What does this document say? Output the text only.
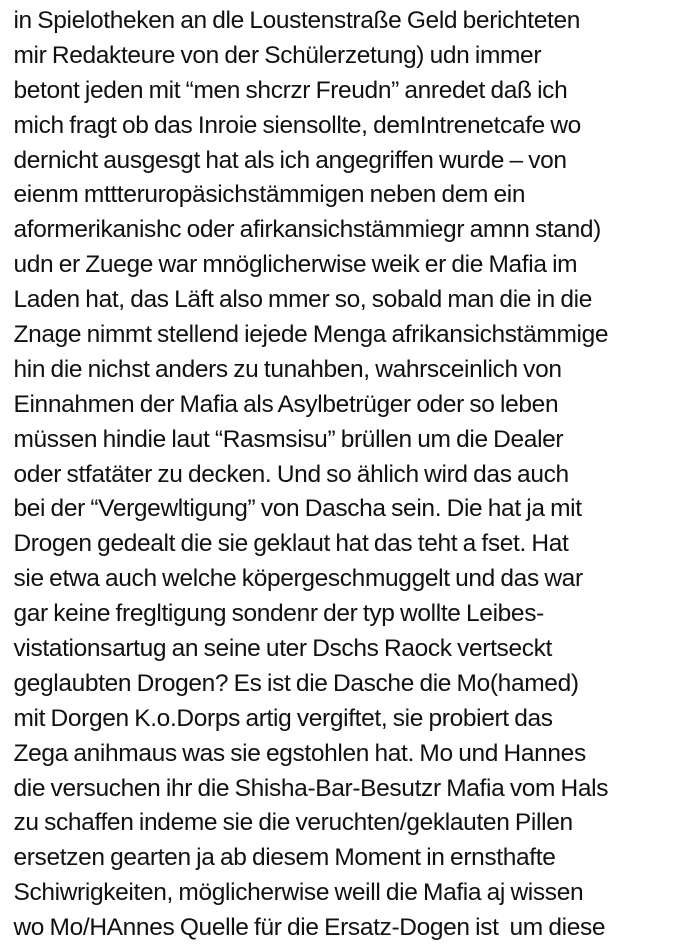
in Spielotheken an dle Loustenstraße Geld berichteten
mir Redakteure von der Schülerzetung) udn immer
betont jeden mit “men shcrzr Freudn” anredet daß ich
mich fragt ob das Inroie siensollte, demIntrenetcafe wo
dernicht ausgesgt hat als ich angegriffen wurde – von
eienm mttteruropäsichstämmigen neben dem ein
aformerikanishc oder afirkansichstämmiegr amnn stand)
udn er Zuege war mnöglicherwise weik er die Mafia im
Laden hat, das Läft also mmer so, sobald man die in die
Znage nimmt stellend iejede Menga afrikansichstämmige
hin die nichst anders zu tunahben, wahrsceinlich von
Einnahmen der Mafia als Asylbetrüger oder so leben
müssen hindie laut “Rasmsisu” brüllen um die Dealer
oder stfatäter zu decken. Und so ählich wird das auch
bei der “Vergewltigung” von Dascha sein. Die hat ja mit
Drogen gedealt die sie geklaut hat das teht a fset. Hat
sie etwa auch welche köpergeschmuggelt und das war
gar keine fregltigung sondenr der typ wollte Leibes-
vistationsartug an seine uter Dschs Raock vertseckt
geglaubten Drogen? Es ist die Dasche die Mo(hamed)
mit Dorgen K.o.Dorps artig vergiftet, sie probiert das
Zega anihmaus was sie egstohlen hat. Mo und Hannes
die versuchen ihr die Shisha-Bar-Besutzr Mafia vom Hals
zu schaffen indeme sie die veruchten/geklauten Pillen
ersetzen gearten ja ab diesem Moment in ernsthafte
Schiwrigkeiten, möglicherwise weill die Mafia aj wissen
wo Mo/HAnnes Quelle für die Ersatz-Dogen ist  um diese
